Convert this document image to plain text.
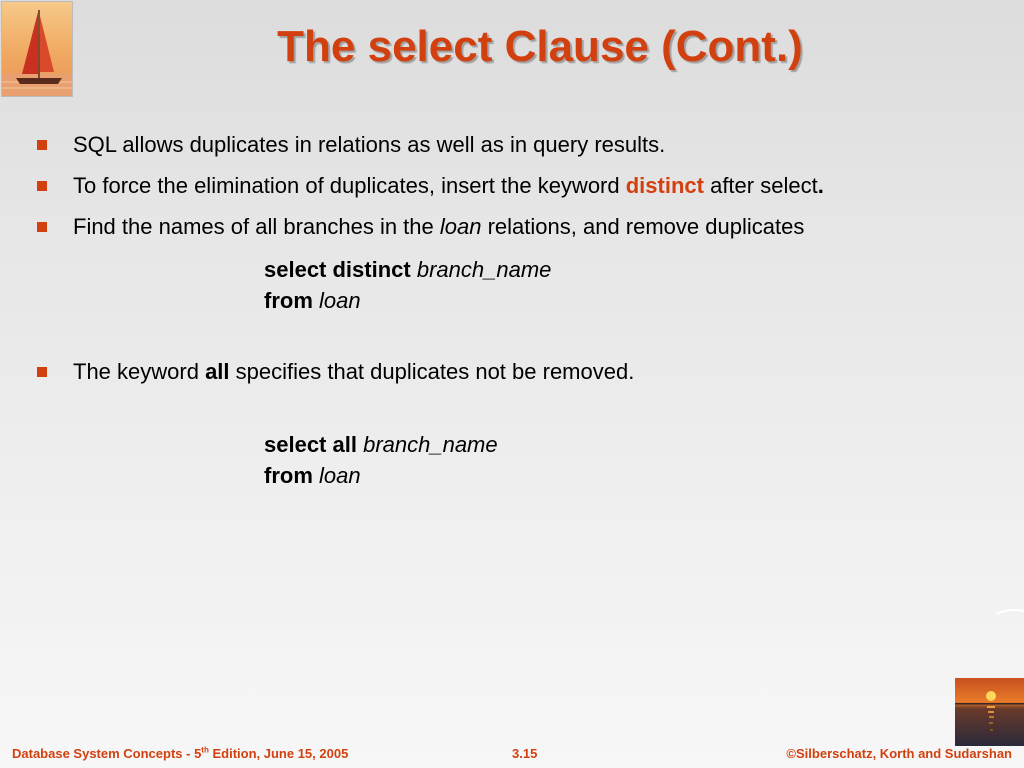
The select Clause (Cont.)
SQL allows duplicates in relations as well as in query results.
To force the elimination of duplicates, insert the keyword distinct after select.
Find the names of all branches in the loan relations, and remove duplicates
select distinct branch_name
from loan
The keyword all specifies that duplicates not be removed.
select all branch_name
from loan
Database System Concepts - 5th Edition, June 15, 2005	3.15	©Silberschatz, Korth and Sudarshan
